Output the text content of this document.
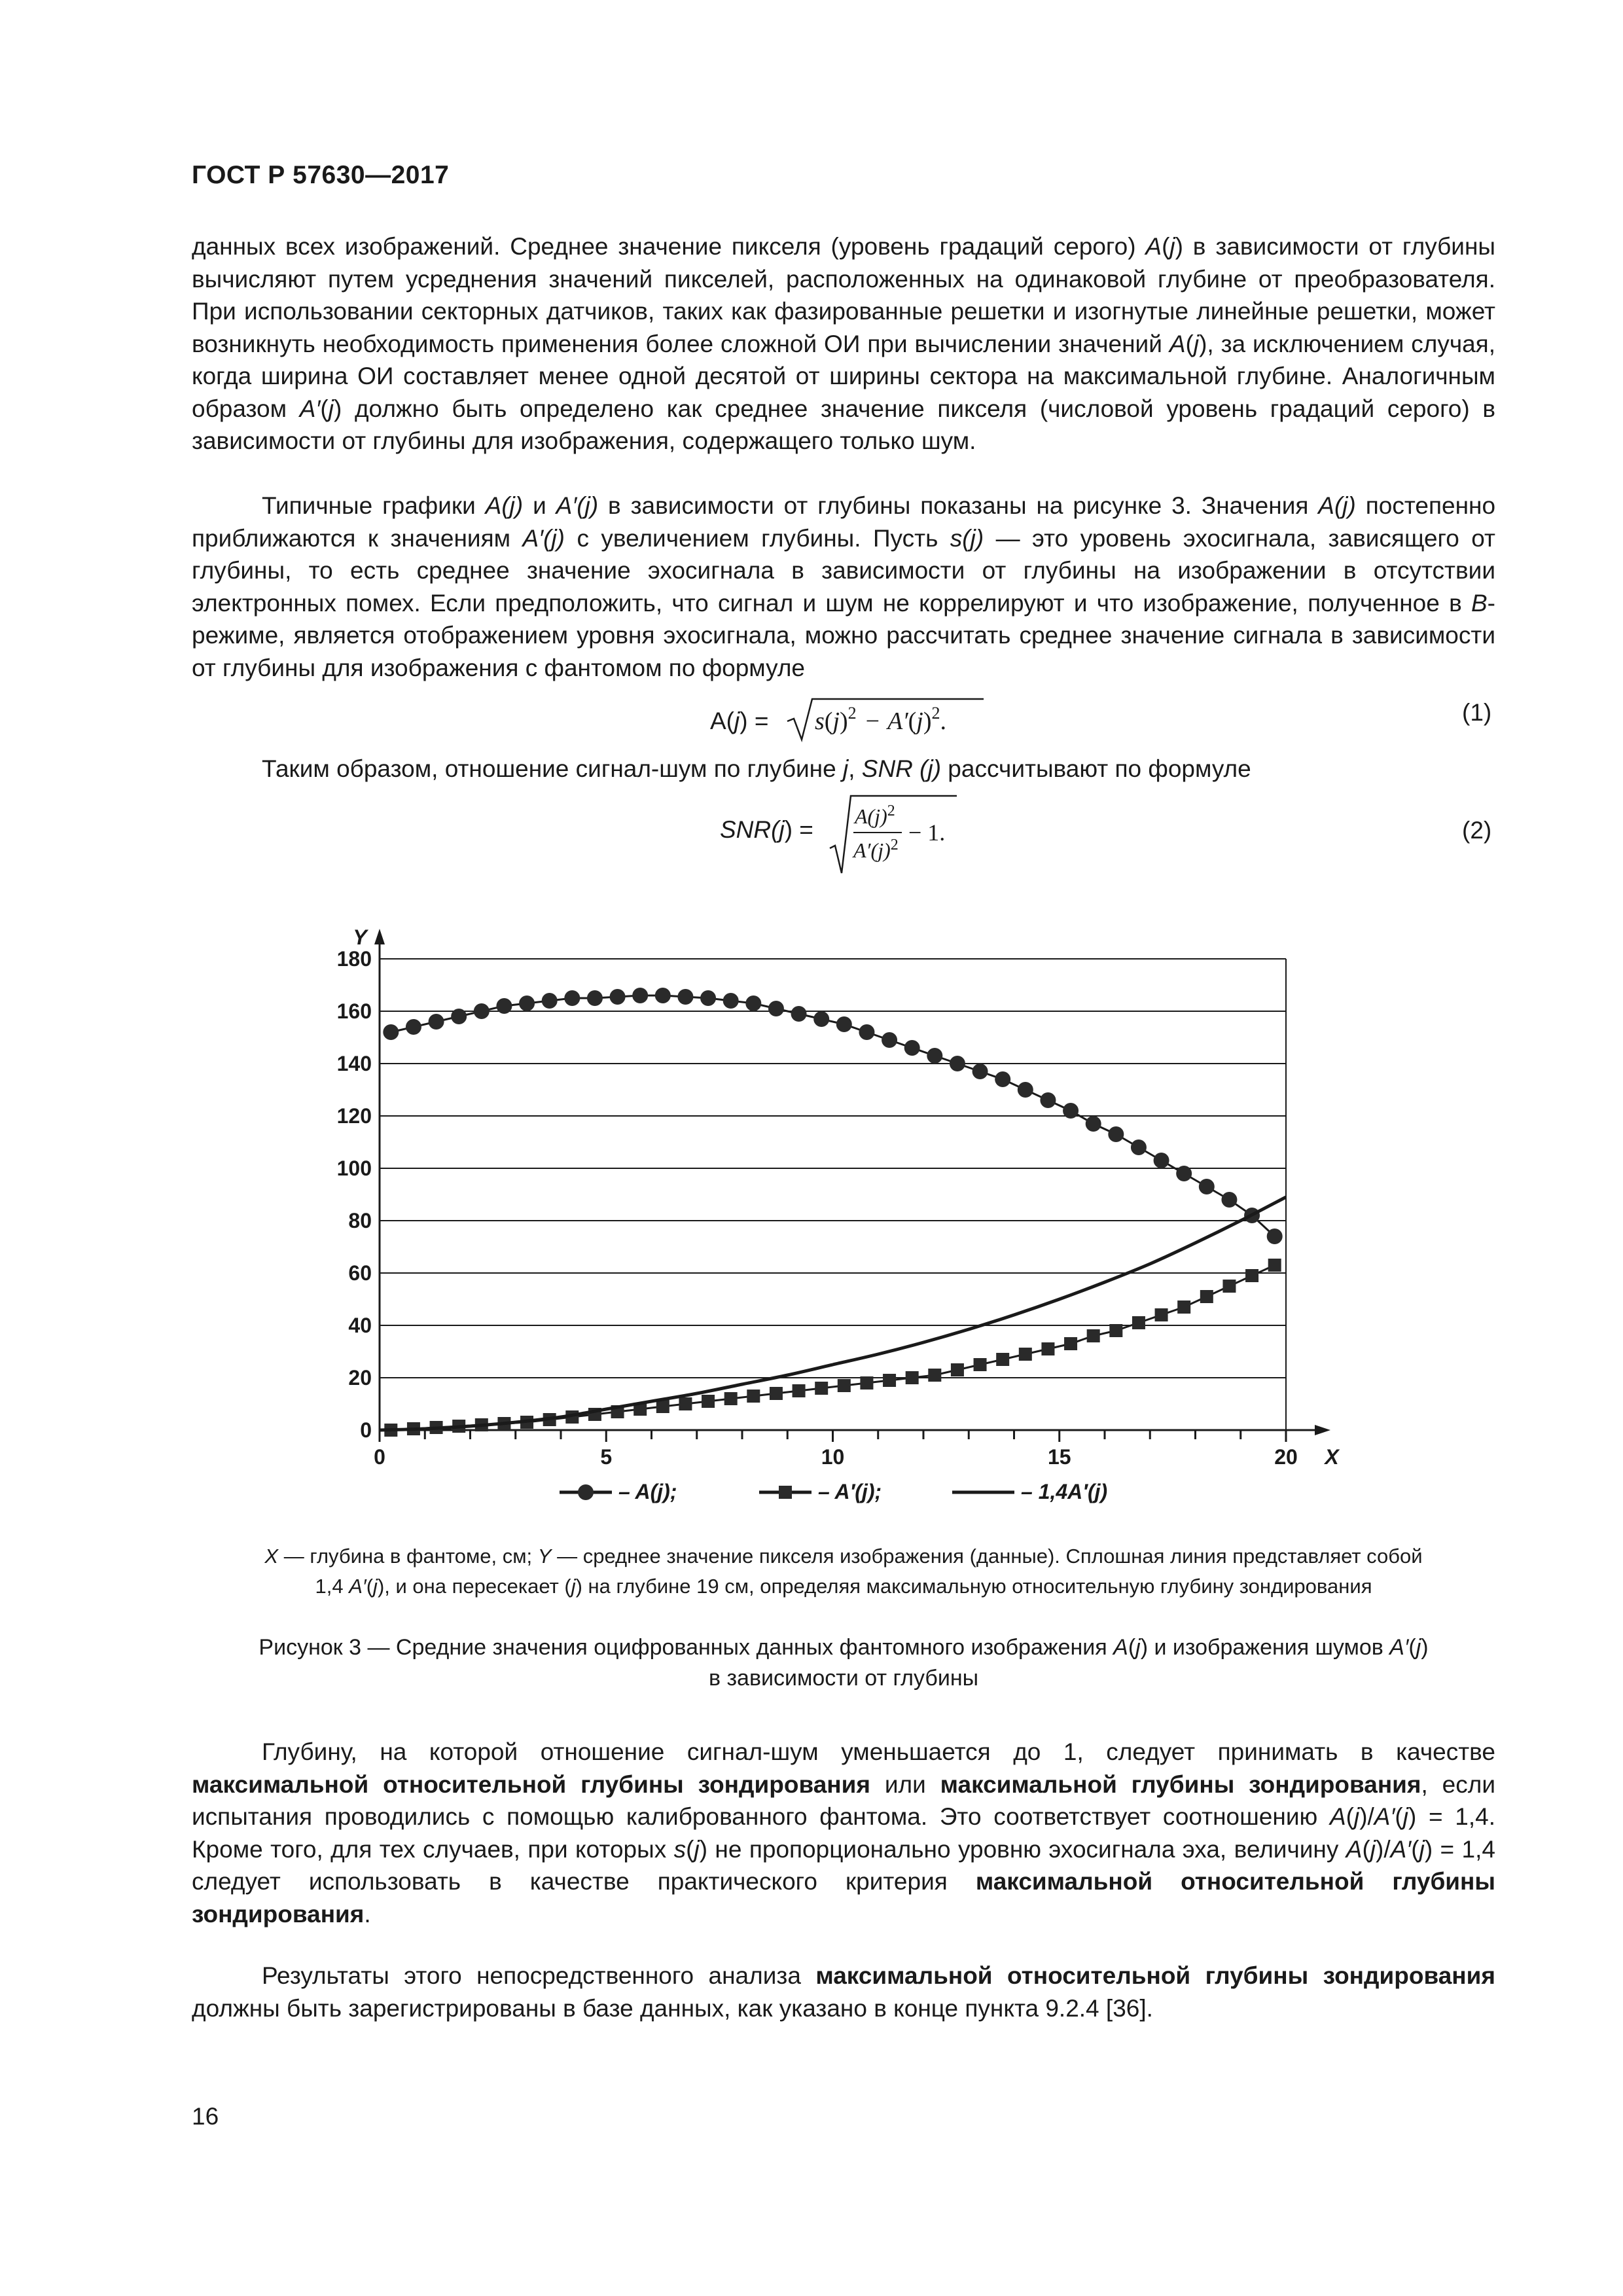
ГОСТ Р 57630—2017

данных всех изображений. Среднее значение пикселя (уровень градаций серого) A(j) в зависимости от глубины вычисляют путем усреднения значений пикселей, расположенных на одинаковой глубине от преобразователя. При использовании секторных датчиков, таких как фазированные решетки и изогнутые линейные решетки, может возникнуть необходимость применения более сложной ОИ при вычислении значений A(j), за исключением случая, когда ширина ОИ составляет менее одной десятой от ширины сектора на максимальной глубине. Аналогичным образом A′(j) должно быть определено как среднее значение пикселя (числовой уровень градаций серого) в зависимости от глубины для изображения, содержащего только шум.

Типичные графики A(j) и A′(j) в зависимости от глубины показаны на рисунке 3. Значения A(j) постепенно приближаются к значениям A′(j) с увеличением глубины. Пусть s(j) — это уровень эхосигнала, зависящего от глубины, то есть среднее значение эхосигнала в зависимости от глубины на изображении в отсутствии электронных помех. Если предположить, что сигнал и шум не коррелируют и что изображение, полученное в B-режиме, является отображением уровня эхосигнала, можно рассчитать среднее значение сигнала в зависимости от глубины для изображения с фантомом по формуле

$A(j) = s(j)^2 - A'(j)^2$.	(1)

Таким образом, отношение сигнал-шум по глубине j, SNR (j) рассчитывают по формуле

$SNR(j) = A(j)^2$
$A'(j)^2 - 1$.	(2)
0	5	10	15	20
0
20
40
60
80
100
120
140
160
180
Y
X
– A(j);	– A′(j);	– 1,4A′(j)
X — глубина в фантоме, см; Y — среднее значение пикселя изображения (данные). Сплошная линия представляет собой
1,4 A′(j), и она пересекает (j) на глубине 19 см, определяя максимальную относительную глубину зондирования
Рисунок 3 — Средние значения оцифрованных данных фантомного изображения A(j) и изображения шумов A′(j)
в зависимости от глубины

Глубину, на которой отношение сигнал-шум уменьшается до 1, следует принимать в качестве максимальной относительной глубины зондирования или максимальной глубины зондирования, если испытания проводились с помощью калиброванного фантома. Это соответствует соотношению A(j)/A′(j) = 1,4. Кроме того, для тех случаев, при которых s(j) не пропорционально уровню эхосигнала эха, величину A(j)/A′(j) = 1,4 следует использовать в качестве практического критерия максимальной относительной глубины зондирования.

Результаты этого непосредственного анализа максимальной относительной глубины зондирования должны быть зарегистрированы в базе данных, как указано в конце пункта 9.2.4 [36].

16
